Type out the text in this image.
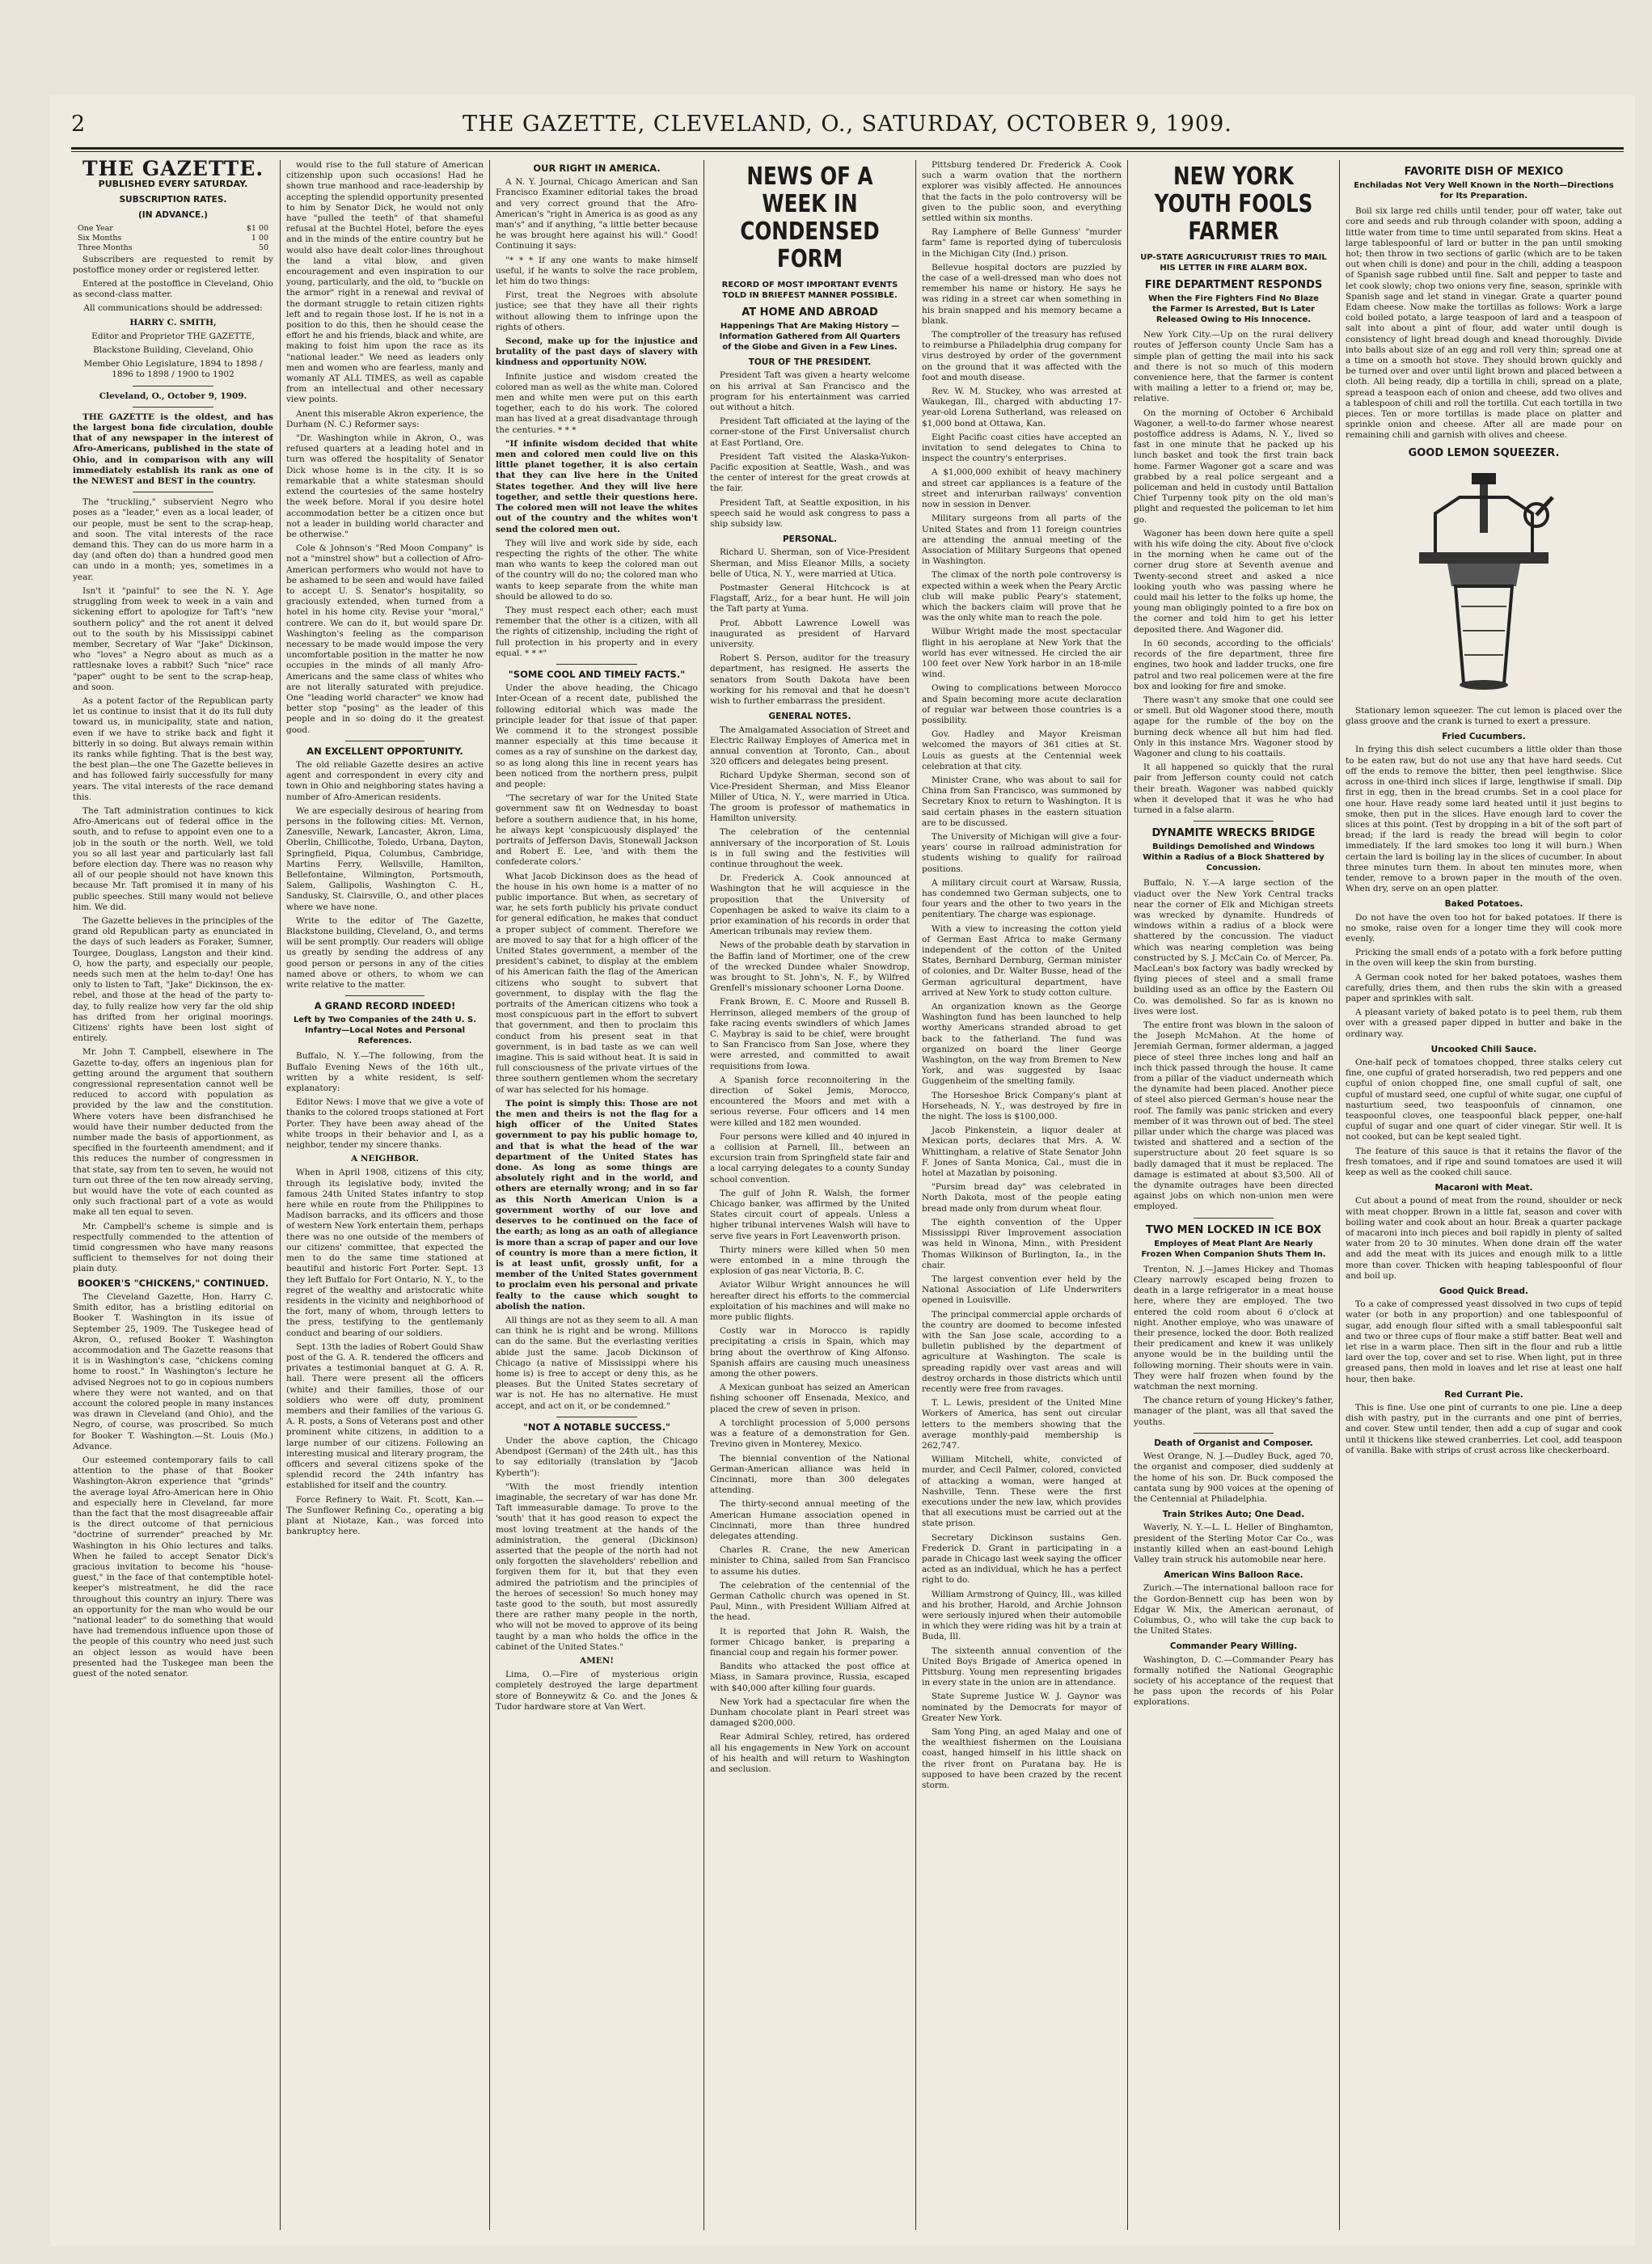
2	THE GAZETTE, CLEVELAND, O., SATURDAY, OCTOBER 9, 1909.
THE GAZETTE.
PUBLISHED EVERY SATURDAY.
SUBSCRIPTION RATES.
(IN ADVANCE.)
One Year	$1 00
Six Months	1 00
Three Months	50

Subscribers are requested to remit by postoffice money order or registered letter.

Entered at the postoffice in Cleveland, Ohio as second-class matter.

All communications should be addressed:

HARRY C. SMITH,

Editor and Proprietor THE GAZETTE,

Blackstone Building, Cleveland, Ohio

Member Ohio Legislature, 1894 to 1898 / 1896 to 1898 / 1900 to 1902

Cleveland, O., October 9, 1909.

THE GAZETTE is the oldest, and has the largest bona fide circulation, double that of any newspaper in the interest of Afro-Americans, published in the state of Ohio, and in comparison with any will immediately establish its rank as one of the NEWEST and BEST in the country.

The "truckling," subservient Negro who poses as a "leader," even as a local leader, of our people, must be sent to the scrap-heap, and soon. The vital interests of the race demand this. They can do us more harm in a day (and often do) than a hundred good men can undo in a month; yes, sometimes in a year.

Isn't it "painful" to see the N. Y. Age struggling from week to week in a vain and sickening effort to apologize for Taft's "new southern policy" and the rot anent it delved out to the south by his Mississippi cabinet member, Secretary of War "Jake" Dickinson, who "loves" a Negro about as much as a rattlesnake loves a rabbit? Such "nice" race "paper" ought to be sent to the scrap-heap, and soon.

As a potent factor of the Republican party let us continue to insist that it do its full duty toward us, in municipality, state and nation, even if we have to strike back and fight it bitterly in so doing. But always remain within its ranks while fighting. That is the best way, the best plan—the one The Gazette believes in and has followed fairly successfully for many years. The vital interests of the race demand this.

The Taft administration continues to kick Afro-Americans out of federal office in the south, and to refuse to appoint even one to a job in the south or the north. Well, we told you so all last year and particularly last fall before election day. There was no reason why all of our people should not have known this because Mr. Taft promised it in many of his public speeches. Still many would not believe him. We did.

The Gazette believes in the principles of the grand old Republican party as enunciated in the days of such leaders as Foraker, Sumner, Tourgee, Douglass, Langston and their kind. O, how the party, and especially our people, needs such men at the helm to-day! One has only to listen to Taft, "Jake" Dickinson, the ex-rebel, and those at the head of the party to-day, to fully realize how very far the old ship has drifted from her original moorings. Citizens' rights have been lost sight of entirely.

Mr. John T. Campbell, elsewhere in The Gazette to-day, offers an ingenious plan for getting around the argument that southern congressional representation cannot well be reduced to accord with population as provided by the law and the constitution. Where voters have been disfranchised he would have their number deducted from the number made the basis of apportionment, as specified in the fourteenth amendment; and if this reduces the number of congressmen in that state, say from ten to seven, he would not turn out three of the ten now already serving, but would have the vote of each counted as only such fractional part of a vote as would make all ten equal to seven.

Mr. Campbell's scheme is simple and is respectfully commended to the attention of timid congressmen who have many reasons sufficient to themselves for not doing their plain duty.

BOOKER'S "CHICKENS," CONTINUED.

The Cleveland Gazette, Hon. Harry C. Smith editor, has a bristling editorial on Booker T. Washington in its issue of September 25, 1909. The Tuskegee head of Akron, O., refused Booker T. Washington accommodation and The Gazette reasons that it is in Washington's case, "chickens coming home to roost." In Washington's lecture he advised Negroes not to go in copious numbers where they were not wanted, and on that account the colored people in many instances was drawn in Cleveland (and Ohio), and the Negro, of course, was proscribed. So much for Booker T. Washington.—St. Louis (Mo.) Advance.

Our esteemed contemporary fails to call attention to the phase of that Booker Washington-Akron experience that "grinds" the average loyal Afro-American here in Ohio and especially here in Cleveland, far more than the fact that the most disagreeable affair is the direct outcome of that pernicious "doctrine of surrender" preached by Mr. Washington in his Ohio lectures and talks. When he failed to accept Senator Dick's gracious invitation to become his "house-guest," in the face of that contemptible hotel-keeper's mistreatment, he did the race throughout this country an injury. There was an opportunity for the man who would be our "national leader" to do something that would have had tremendous influence upon those of the people of this country who need just such an object lesson as would have been presented had the Tuskegee man been the guest of the noted senator.

would rise to the full stature of American citizenship upon such occasions! Had he shown true manhood and race-leadership by accepting the splendid opportunity presented to him by Senator Dick, he would not only have "pulled the teeth" of that shameful refusal at the Buchtel Hotel, before the eyes and in the minds of the entire country but he would also have dealt color-lines throughout the land a vital blow, and given encouragement and even inspiration to our young, particularly, and the old, to "buckle on the armor" right in a renewal and revival of the dormant struggle to retain citizen rights left and to regain those lost. If he is not in a position to do this, then he should cease the effort he and his friends, black and white, are making to foist him upon the race as its "national leader." We need as leaders only men and women who are fearless, manly and womanly AT ALL TIMES, as well as capable from an intellectual and other necessary view points.

Anent this miserable Akron experience, the Durham (N. C.) Reformer says:

"Dr. Washington while in Akron, O., was refused quarters at a leading hotel and in turn was offered the hospitality of Senator Dick whose home is in the city. It is so remarkable that a white statesman should extend the courtesies of the same hostelry the week before. Moral if you desire hotel accommodation better be a citizen once but not a leader in building world character and be otherwise."

Cole & Johnson's "Red Moon Company" is not a "minstrel show" but a collection of Afro-American performers who would not have to be ashamed to be seen and would have failed to accept U. S. Senator's hospitality, so graciously extended, when turned from a hotel in his home city. Revise your "moral," contrere. We can do it, but would spare Dr. Washington's feeling as the comparison necessary to be made would impose the very uncomfortable position in the matter he now occupies in the minds of all manly Afro-Americans and the same class of whites who are not literally saturated with prejudice. One "leading world character" we know had better stop "posing" as the leader of this people and in so doing do it the greatest good.

AN EXCELLENT OPPORTUNITY.

The old reliable Gazette desires an active agent and correspondent in every city and town in Ohio and neighboring states having a number of Afro-American residents.

We are especially desirous of hearing from persons in the following cities: Mt. Vernon, Zanesville, Newark, Lancaster, Akron, Lima, Oberlin, Chillicothe, Toledo, Urbana, Dayton, Springfield, Piqua, Columbus, Cambridge, Martins Ferry, Wellsville, Hamilton, Bellefontaine, Wilmington, Portsmouth, Salem, Gallipolis, Washington C. H., Sandusky, St. Clairsville, O., and other places where we have none.

Write to the editor of The Gazette, Blackstone building, Cleveland, O., and terms will be sent promptly. Our readers will oblige us greatly by sending the address of any good person or persons in any of the cities named above or others, to whom we can write relative to the matter.

A GRAND RECORD INDEED!
Left by Two Companies of the 24th U. S. Infantry—Local Notes and Personal References.

Buffalo, N. Y.—The following, from the Buffalo Evening News of the 16th ult., written by a white resident, is self-explanatory:

Editor News: I move that we give a vote of thanks to the colored troops stationed at Fort Porter. They have been away ahead of the white troops in their behavior and I, as a neighbor, tender my sincere thanks.

A NEIGHBOR.

When in April 1908, citizens of this city, through its legislative body, invited the famous 24th United States infantry to stop here while en route from the Philippines to Madison barracks, and its officers and those of western New York entertain them, perhaps there was no one outside of the members of our citizens' committee, that expected the men to do the same time stationed at beautiful and historic Fort Porter. Sept. 13 they left Buffalo for Fort Ontario, N. Y., to the regret of the wealthy and aristocratic white residents in the vicinity and neighborhood of the fort, many of whom, through letters to the press, testifying to the gentlemanly conduct and bearing of our soldiers.

Sept. 13th the ladies of Robert Gould Shaw post of the G. A. R. tendered the officers and privates a testimonial banquet at G. A. R. hall. There were present all the officers (white) and their families, those of our soldiers who were off duty, prominent members and their families of the various G. A. R. posts, a Sons of Veterans post and other prominent white citizens, in addition to a large number of our citizens. Following an interesting musical and literary program, the officers and several citizens spoke of the splendid record the 24th infantry has established for itself and the country.

Force Refinery to Wait. Ft. Scott, Kan.—The Sunflower Refining Co., operating a big plant at Niotaze, Kan., was forced into bankruptcy here.

OUR RIGHT IN AMERICA.

A N. Y. Journal, Chicago American and San Francisco Examiner editorial takes the broad and very correct ground that the Afro-American's "right in America is as good as any man's" and if anything, "a little better because he was brought here against his will." Good! Continuing it says:

"* * * If any one wants to make himself useful, if he wants to solve the race problem, let him do two things:

First, treat the Negroes with absolute justice; see that they have all their rights without allowing them to infringe upon the rights of others.

Second, make up for the injustice and brutality of the past days of slavery with kindness and opportunity NOW.

Infinite justice and wisdom created the colored man as well as the white man. Colored men and white men were put on this earth together, each to do his work. The colored man has lived at a great disadvantage through the centuries. * * *

"If infinite wisdom decided that white men and colored men could live on this little planet together, it is also certain that they can live here in the United States together. And they will live here together, and settle their questions here. The colored men will not leave the whites out of the country and the whites won't send the colored men out.

They will live and work side by side, each respecting the rights of the other. The white man who wants to keep the colored man out of the country will do no; the colored man who wants to keep separate from the white man should be allowed to do so.

They must respect each other; each must remember that the other is a citizen, with all the rights of citizenship, including the right of full protection in his property and in every equal. * * *"

"SOME COOL AND TIMELY FACTS."

Under the above heading, the Chicago Inter-Ocean of a recent date, published the following editorial which was made the principle leader for that issue of that paper. We commend it to the strongest possible manner especially at this time because it comes as a ray of sunshine on the darkest day, so as long along this line in recent years has been noticed from the northern press, pulpit and people:

"The secretary of war for the United State government saw fit on Wednesday to boast before a southern audience that, in his home, he always kept 'conspicuously displayed' the portraits of Jefferson Davis, Stonewall Jackson and Robert E. Lee, 'and with them the confederate colors.'

What Jacob Dickinson does as the head of the house in his own home is a matter of no public importance. But when, as secretary of war, he sets forth publicly his private conduct for general edification, he makes that conduct a proper subject of comment. Therefore we are moved to say that for a high officer of the United States government, a member of the president's cabinet, to display at the emblem of his American faith the flag of the American citizens who sought to subvert that government, to display with the flag the portraits of the American citizens who took a most conspicuous part in the effort to subvert that government, and then to proclaim this conduct from his present seat in that government, is in bad taste as we can well imagine. This is said without heat. It is said in full consciousness of the private virtues of the three southern gentlemen whom the secretary of war has selected for his homage.

The point is simply this: Those are not the men and theirs is not the flag for a high officer of the United States government to pay his public homage to, and that is what the head of the war department of the United States has done. As long as some things are absolutely right and in the world, and others are eternally wrong; and in so far as this North American Union is a government worthy of our love and deserves to be continued on the face of the earth; as long as an oath of allegiance is more than a scrap of paper and our love of country is more than a mere fiction, it is at least unfit, grossly unfit, for a member of the United States government to proclaim even his personal and private fealty to the cause which sought to abolish the nation.

All things are not as they seem to all. A man can think he is right and be wrong. Millions can do the same. But the everlasting verities abide just the same. Jacob Dickinson of Chicago (a native of Mississippi where his home is) is free to accept or deny this, as he pleases. But the United States secretary of war is not. He has no alternative. He must accept, and act on it, or be condemned."

"NOT A NOTABLE SUCCESS."

Under the above caption, the Chicago Abendpost (German) of the 24th ult., has this to say editorially (translation by "Jacob Kyberth"):

"With the most friendly intention imaginable, the secretary of war has done Mr. Taft immeasurable damage. To prove to the 'south' that it has good reason to expect the most loving treatment at the hands of the administration, the general (Dickinson) asserted that the people of the north had not only forgotten the slaveholders' rebellion and forgiven them for it, but that they even admired the patriotism and the principles of the heroes of secession! So much honey may taste good to the south, but most assuredly there are rather many people in the north, who will not be moved to approve of its being taught by a man who holds the office in the cabinet of the United States."

AMEN!

Lima, O.—Fire of mysterious origin completely destroyed the large department store of Bonneywitz & Co. and the Jones & Tudor hardware store at Van Wert.

NEWS OF A WEEK IN CONDENSED FORM
RECORD OF MOST IMPORTANT EVENTS TOLD IN BRIEFEST MANNER POSSIBLE.
AT HOME AND ABROAD
Happenings That Are Making History —Information Gathered from All Quarters of the Globe and Given in a Few Lines.
TOUR OF THE PRESIDENT.

President Taft was given a hearty welcome on his arrival at San Francisco and the program for his entertainment was carried out without a hitch.

President Taft officiated at the laying of the corner-stone of the First Universalist church at East Portland, Ore.

President Taft visited the Alaska-Yukon-Pacific exposition at Seattle, Wash., and was the center of interest for the great crowds at the fair.

President Taft, at Seattle exposition, in his speech said he would ask congress to pass a ship subsidy law.

PERSONAL.

Richard U. Sherman, son of Vice-President Sherman, and Miss Eleanor Mills, a society belle of Utica, N. Y., were married at Utica.

Postmaster General Hitchcock is at Flagstaff, Ariz., for a bear hunt. He will join the Taft party at Yuma.

Prof. Abbott Lawrence Lowell was inaugurated as president of Harvard university.

Robert S. Person, auditor for the treasury department, has resigned. He asserts the senators from South Dakota have been working for his removal and that he doesn't wish to further embarrass the president.

GENERAL NOTES.

The Amalgamated Association of Street and Electric Railway Employes of America met in annual convention at Toronto, Can., about 320 officers and delegates being present.

Richard Updyke Sherman, second son of Vice-President Sherman, and Miss Eleanor Miller of Utica, N. Y., were married in Utica. The groom is professor of mathematics in Hamilton university.

The celebration of the centennial anniversary of the incorporation of St. Louis is in full swing and the festivities will continue throughout the week.

Dr. Frederick A. Cook announced at Washington that he will acquiesce in the proposition that the University of Copenhagen be asked to waive its claim to a prior examination of his records in order that American tribunals may review them.

News of the probable death by starvation in the Baffin land of Mortimer, one of the crew of the wrecked Dundee whaler Snowdrop, was brought to St. John's, N. F., by Wilfred Grenfell's missionary schooner Lorna Doone.

Frank Brown, E. C. Moore and Russell B. Herrinson, alleged members of the group of fake racing events swindlers of which James C. Maybray is said to be chief, were brought to San Francisco from San Jose, where they were arrested, and committed to await requisitions from Iowa.

A Spanish force reconnoitering in the direction of Sokel Jemis, Morocco, encountered the Moors and met with a serious reverse. Four officers and 14 men were killed and 182 men wounded.

Four persons were killed and 40 injured in a collision at Parnell, Ill., between an excursion train from Springfield state fair and a local carrying delegates to a county Sunday school convention.

The gulf of John R. Walsh, the former Chicago banker, was affirmed by the United States circuit court of appeals. Unless a higher tribunal intervenes Walsh will have to serve five years in Fort Leavenworth prison.

Thirty miners were killed when 50 men were entombed in a mine through the explosion of gas near Victoria, B. C.

Aviator Wilbur Wright announces he will hereafter direct his efforts to the commercial exploitation of his machines and will make no more public flights.

Costly war in Morocco is rapidly precipitating a crisis in Spain, which may bring about the overthrow of King Alfonso. Spanish affairs are causing much uneasiness among the other powers.

A Mexican gunboat has seized an American fishing schooner off Ensenada, Mexico, and placed the crew of seven in prison.

A torchlight procession of 5,000 persons was a feature of a demonstration for Gen. Trevino given in Monterey, Mexico.

The biennial convention of the National German-American alliance was held in Cincinnati, more than 300 delegates attending.

The thirty-second annual meeting of the American Humane association opened in Cincinnati, more than three hundred delegates attending.

Charles R. Crane, the new American minister to China, sailed from San Francisco to assume his duties.

The celebration of the centennial of the German Catholic church was opened in St. Paul, Minn., with President William Alfred at the head.

It is reported that John R. Walsh, the former Chicago banker, is preparing a financial coup and regain his former power.

Bandits who attacked the post office at Miass, in Samara province, Russia, escaped with $40,000 after killing four guards.

New York had a spectacular fire when the Dunham chocolate plant in Pearl street was damaged $200,000.

Rear Admiral Schley, retired, has ordered all his engagements in New York on account of his health and will return to Washington and seclusion.

Pittsburg tendered Dr. Frederick A. Cook such a warm ovation that the northern explorer was visibly affected. He announces that the facts in the polo controversy will be given to the public soon, and everything settled within six months.

Ray Lamphere of Belle Gunness' "murder farm" fame is reported dying of tuberculosis in the Michigan City (Ind.) prison.

Bellevue hospital doctors are puzzled by the case of a well-dressed man who does not remember his name or history. He says he was riding in a street car when something in his brain snapped and his memory became a blank.

The comptroller of the treasury has refused to reimburse a Philadelphia drug company for virus destroyed by order of the government on the ground that it was affected with the foot and mouth disease.

Rev. W. M. Stuckey, who was arrested at Waukegan, Ill., charged with abducting 17-year-old Lorena Sutherland, was released on $1,000 bond at Ottawa, Kan.

Eight Pacific coast cities have accepted an invitation to send delegates to China to inspect the country's enterprises.

A $1,000,000 exhibit of heavy machinery and street car appliances is a feature of the street and interurban railways' convention now in session in Denver.

Military surgeons from all parts of the United States and from 11 foreign countries are attending the annual meeting of the Association of Military Surgeons that opened in Washington.

The climax of the north pole controversy is expected within a week when the Peary Arctic club will make public Peary's statement, which the backers claim will prove that he was the only white man to reach the pole.

Wilbur Wright made the most spectacular flight in his aeroplane at New York that the world has ever witnessed. He circled the air 100 feet over New York harbor in an 18-mile wind.

Owing to complications between Morocco and Spain becoming more acute declaration of regular war between those countries is a possibility.

Gov. Hadley and Mayor Kreisman welcomed the mayors of 361 cities at St. Louis as guests at the Centennial week celebration at that city.

Minister Crane, who was about to sail for China from San Francisco, was summoned by Secretary Knox to return to Washington. It is said certain phases in the eastern situation are to be discussed.

The University of Michigan will give a four-years' course in railroad administration for students wishing to qualify for railroad positions.

A military circuit court at Warsaw, Russia, has condemned two German subjects, one to four years and the other to two years in the penitentiary. The charge was espionage.

With a view to increasing the cotton yield of German East Africa to make Germany independent of the cotton of the United States, Bernhard Dernburg, German minister of colonies, and Dr. Walter Busse, head of the German agricultural department, have arrived at New York to study cotton culture.

An organization known as the George Washington fund has been launched to help worthy Americans stranded abroad to get back to the fatherland. The fund was organized on board the liner George Washington, on the way from Bremen to New York, and was suggested by Isaac Guggenheim of the smelting family.

The Horseshoe Brick Company's plant at Horseheads, N. Y., was destroyed by fire in the night. The loss is $100,000.

Jacob Pinkenstein, a liquor dealer at Mexican ports, declares that Mrs. A. W. Whittingham, a relative of State Senator John F. Jones of Santa Monica, Cal., must die in hotel at Mazatlan by poisoning.

"Pursim bread day" was celebrated in North Dakota, most of the people eating bread made only from durum wheat flour.

The eighth convention of the Upper Mississippi River Improvement association was held in Winona, Minn., with President Thomas Wilkinson of Burlington, Ia., in the chair.

The largest convention ever held by the National Association of Life Underwriters opened in Louisville.

The principal commercial apple orchards of the country are doomed to become infested with the San Jose scale, according to a bulletin published by the department of agriculture at Washington. The scale is spreading rapidly over vast areas and will destroy orchards in those districts which until recently were free from ravages.

T. L. Lewis, president of the United Mine Workers of America, has sent out circular letters to the members showing that the average monthly-paid membership is 262,747.

William Mitchell, white, convicted of murder, and Cecil Palmer, colored, convicted of attacking a woman, were hanged at Nashville, Tenn. These were the first executions under the new law, which provides that all executions must be carried out at the state prison.

Secretary Dickinson sustains Gen. Frederick D. Grant in participating in a parade in Chicago last week saying the officer acted as an individual, which he has a perfect right to do.

William Armstrong of Quincy, Ill., was killed and his brother, Harold, and Archie Johnson were seriously injured when their automobile in which they were riding was hit by a train at Buda, Ill.

The sixteenth annual convention of the United Boys Brigade of America opened in Pittsburg. Young men representing brigades in every state in the union are in attendance.

State Supreme Justice W. J. Gaynor was nominated by the Democrats for mayor of Greater New York.

Sam Yong Ping, an aged Malay and one of the wealthiest fishermen on the Louisiana coast, hanged himself in his little shack on the river front on Puratana bay. He is supposed to have been crazed by the recent storm.

NEW YORK YOUTH FOOLS FARMER
UP-STATE AGRICULTURIST TRIES TO MAIL HIS LETTER IN FIRE ALARM BOX.
FIRE DEPARTMENT RESPONDS
When the Fire Fighters Find No Blaze the Farmer Is Arrested, But Is Later Released Owing to His Innocence.

New York City.—Up on the rural delivery routes of Jefferson county Uncle Sam has a simple plan of getting the mail into his sack and there is not so much of this modern convenience here, that the farmer is content with mailing a letter to a friend or, may be, relative.

On the morning of October 6 Archibald Wagoner, a well-to-do farmer whose nearest postoffice address is Adams, N. Y., lived so fast in one minute that he packed up his lunch basket and took the first train back home. Farmer Wagoner got a scare and was grabbed by a real police sergeant and a policeman and held in custody until Battalion Chief Turpenny took pity on the old man's plight and requested the policeman to let him go.

Wagoner has been down here quite a spell with his wife doing the city. About five o'clock in the morning when he came out of the corner drug store at Seventh avenue and Twenty-second street and asked a nice looking youth who was passing where he could mail his letter to the folks up home, the young man obligingly pointed to a fire box on the corner and told him to get his letter deposited there. And Wagoner did.

In 60 seconds, according to the officials' records of the fire department, three fire engines, two hook and ladder trucks, one fire patrol and two real policemen were at the fire box and looking for fire and smoke.

There wasn't any smoke that one could see or smell. But old Wagoner stood there, mouth agape for the rumble of the boy on the burning deck whence all but him had fled. Only in this instance Mrs. Wagoner stood by Wagoner and clung to his coattails.

It all happened so quickly that the rural pair from Jefferson county could not catch their breath. Wagoner was nabbed quickly when it developed that it was he who had turned in a false alarm.

DYNAMITE WRECKS BRIDGE
Buildings Demolished and Windows Within a Radius of a Block Shattered by Concussion.

Buffalo, N. Y.—A large section of the viaduct over the New York Central tracks near the corner of Elk and Michigan streets was wrecked by dynamite. Hundreds of windows within a radius of a block were shattered by the concussion. The viaduct which was nearing completion was being constructed by S. J. McCain Co. of Mercer, Pa. MacLean's box factory was badly wrecked by flying pieces of steel and a small frame building used as an office by the Eastern Oil Co. was demolished. So far as is known no lives were lost.

The entire front was blown in the saloon of the Joseph McMahon. At the home of Jeremiah German, former alderman, a jagged piece of steel three inches long and half an inch thick passed through the house. It came from a pillar of the viaduct underneath which the dynamite had been placed. Another piece of steel also pierced German's house near the roof. The family was panic stricken and every member of it was thrown out of bed. The steel pillar under which the charge was placed was twisted and shattered and a section of the superstructure about 20 feet square is so badly damaged that it must be replaced. The damage is estimated at about $3,500. All of the dynamite outrages have been directed against jobs on which non-union men were employed.

TWO MEN LOCKED IN ICE BOX
Employes of Meat Plant Are Nearly Frozen When Companion Shuts Them In.

Trenton, N. J.—James Hickey and Thomas Cleary narrowly escaped being frozen to death in a large refrigerator in a meat house here, where they are employed. The two entered the cold room about 6 o'clock at night. Another employe, who was unaware of their presence, locked the door. Both realized their predicament and knew it was unlikely anyone would be in the building until the following morning. Their shouts were in vain. They were half frozen when found by the watchman the next morning.

The chance return of young Hickey's father, manager of the plant, was all that saved the youths.

Death of Organist and Composer.

West Orange, N. J.—Dudley Buck, aged 70, the organist and composer, died suddenly at the home of his son. Dr. Buck composed the cantata sung by 900 voices at the opening of the Centennial at Philadelphia.

Train Strikes Auto; One Dead.

Waverly, N. Y.—L. L. Heller of Binghamton, president of the Sterling Motor Car Co., was instantly killed when an east-bound Lehigh Valley train struck his automobile near here.

American Wins Balloon Race.

Zurich.—The international balloon race for the Gordon-Bennett cup has been won by Edgar W. Mix, the American aeronaut, of Columbus, O., who will take the cup back to the United States.

Commander Peary Willing.

Washington, D. C.—Commander Peary has formally notified the National Geographic society of his acceptance of the request that he pass upon the records of his Polar explorations.

FAVORITE DISH OF MEXICO
Enchiladas Not Very Well Known in the North—Directions for Its Preparation.

Boil six large red chills until tender, pour off water, take out core and seeds and rub through colander with spoon, adding a little water from time to time until separated from skins. Heat a large tablespoonful of lard or butter in the pan until smoking hot; then throw in two sections of garlic (which are to be taken out when chili is done) and pour in the chili, adding a teaspoon of Spanish sage rubbed until fine. Salt and pepper to taste and let cook slowly; chop two onions very fine, season, sprinkle with Spanish sage and let stand in vinegar. Grate a quarter pound Edam cheese. Now make the tortillas as follows: Work a large cold boiled potato, a large teaspoon of lard and a teaspoon of salt into about a pint of flour, add water until dough is consistency of light bread dough and knead thoroughly. Divide into balls about size of an egg and roll very thin; spread one at a time on a smooth hot stove. They should brown quickly and be turned over and over until light brown and placed between a cloth. All being ready, dip a tortilla in chili, spread on a plate, spread a teaspoon each of onion and cheese, add two olives and a tablespoon of chili and roll the tortilla. Cut each tortilla in two pieces. Ten or more tortillas is made place on platter and sprinkle onion and cheese. After all are made pour on remaining chili and garnish with olives and cheese.

GOOD LEMON SQUEEZER.

Stationary lemon squeezer. The cut lemon is placed over the glass groove and the crank is turned to exert a pressure.

Fried Cucumbers.

In frying this dish select cucumbers a little older than those to be eaten raw, but do not use any that have hard seeds. Cut off the ends to remove the bitter, then peel lengthwise. Slice across in one-third inch slices if large, lengthwise if small. Dip first in egg, then in the bread crumbs. Set in a cool place for one hour. Have ready some lard heated until it just begins to smoke, then put in the slices. Have enough lard to cover the slices at this point. (Test by dropping in a bit of the soft part of bread; if the lard is ready the bread will begin to color immediately. If the lard smokes too long it will burn.) When certain the lard is boiling lay in the slices of cucumber. In about three minutes turn them. In about ten minutes more, when tender, remove to a brown paper in the mouth of the oven. When dry, serve on an open platter.

Baked Potatoes.

Do not have the oven too hot for baked potatoes. If there is no smoke, raise oven for a longer time they will cook more evenly.

Pricking the small ends of a potato with a fork before putting in the oven will keep the skin from bursting.

A German cook noted for her baked potatoes, washes them carefully, dries them, and then rubs the skin with a greased paper and sprinkles with salt.

A pleasant variety of baked potato is to peel them, rub them over with a greased paper dipped in butter and bake in the ordinary way.

Uncooked Chili Sauce.

One-half peck of tomatoes chopped, three stalks celery cut fine, one cupful of grated horseradish, two red peppers and one cupful of onion chopped fine, one small cupful of salt, one cupful of mustard seed, one cupful of white sugar, one cupful of nasturtium seed, two teaspoonfuls of cinnamon, one teaspoonful cloves, one teaspoonful black pepper, one-half cupful of sugar and one quart of cider vinegar. Stir well. It is not cooked, but can be kept sealed tight.

The feature of this sauce is that it retains the flavor of the fresh tomatoes, and if ripe and sound tomatoes are used it will keep as well as the cooked chili sauce.

Macaroni with Meat.

Cut about a pound of meat from the round, shoulder or neck with meat chopper. Brown in a little fat, season and cover with boiling water and cook about an hour. Break a quarter package of macaroni into inch pieces and boil rapidly in plenty of salted water from 20 to 30 minutes. When done drain off the water and add the meat with its juices and enough milk to a little more than cover. Thicken with heaping tablespoonful of flour and boil up.

Good Quick Bread.

To a cake of compressed yeast dissolved in two cups of tepid water (or both in any proportion) and one tablespoonful of sugar, add enough flour sifted with a small tablespoonful salt and two or three cups of flour make a stiff batter. Beat well and let rise in a warm place. Then sift in the flour and rub a little lard over the top, cover and set to rise. When light, put in three greased pans, then mold in loaves and let rise at least one half hour, then bake.

Red Currant Pie.

This is fine. Use one pint of currants to one pie. Line a deep dish with pastry, put in the currants and one pint of berries, and cover. Stew until tender, then add a cup of sugar and cook until it thickens like stewed cranberries. Let cool, add teaspoon of vanilla. Bake with strips of crust across like checkerboard.
